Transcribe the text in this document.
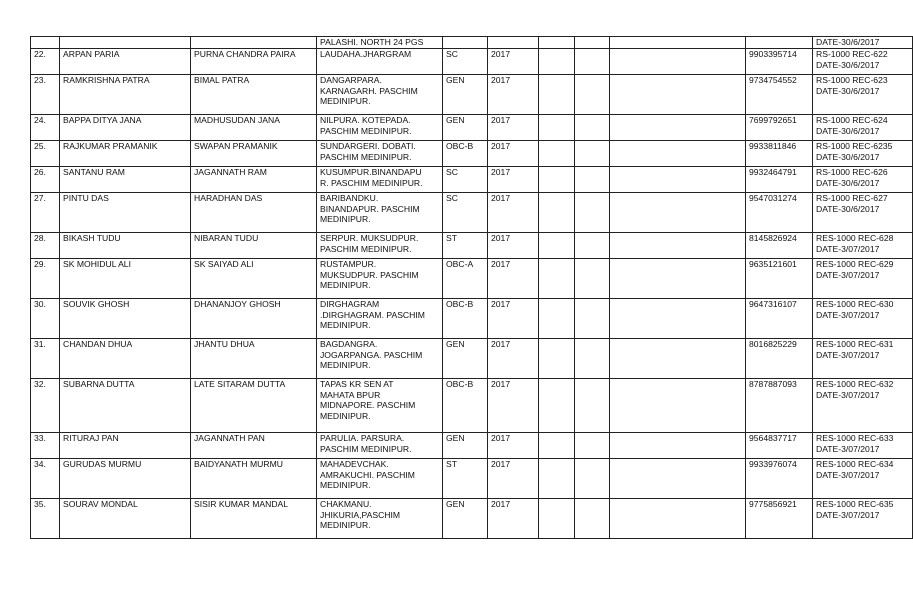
			PALASHI. NORTH 24 PGS							DATE-30/6/2017
22.	ARPAN PARIA	PURNA CHANDRA PAIRA	LAUDAHA.JHARGRAM	SC	2017				9903395714	RS-1000 REC-622
DATE-30/6/2017
23.	RAMKRISHNA PATRA	BIMAL PATRA	DANGARPARA.
KARNAGARH. PASCHIM
MEDINIPUR.	GEN	2017				9734754552	RS-1000 REC-623
DATE-30/6/2017
24.	BAPPA DITYA JANA	MADHUSUDAN JANA	NILPURA. KOTEPADA.
PASCHIM MEDINIPUR.	GEN	2017				7699792651	RS-1000 REC-624
DATE-30/6/2017
25.	RAJKUMAR PRAMANIK	SWAPAN PRAMANIK	SUNDARGERI. DOBATI.
PASCHIM MEDINIPUR.	OBC-B	2017				9933811846	RS-1000 REC-6235
DATE-30/6/2017
26.	SANTANU RAM	JAGANNATH RAM	KUSUMPUR.BINANDAPU
R. PASCHIM MEDINIPUR.	SC	2017				9932464791	RS-1000 REC-626
DATE-30/6/2017
27.	PINTU DAS	HARADHAN DAS	BARIBANDKU.
BINANDAPUR. PASCHIM
MEDINIPUR.	SC	2017				9547031274	RS-1000 REC-627
DATE-30/6/2017
28.	BIKASH TUDU	NIBARAN TUDU	SERPUR. MUKSUDPUR.
PASCHIM MEDINIPUR.	ST	2017				8145826924	RES-1000 REC-628
DATE-3/07/2017
29.	SK MOHIDUL ALI	SK SAIYAD ALI	RUSTAMPUR.
MUKSUDPUR. PASCHIM
MEDINIPUR.	OBC-A	2017				9635121601	RES-1000 REC-629
DATE-3/07/2017
30.	SOUVIK GHOSH	DHANANJOY GHOSH	DIRGHAGRAM
.DIRGHAGRAM. PASCHIM
MEDINIPUR.	OBC-B	2017				9647316107	RES-1000 REC-630
DATE-3/07/2017
31.	CHANDAN DHUA	JHANTU DHUA	BAGDANGRA.
JOGARPANGA. PASCHIM
MEDINIPUR.	GEN	2017				8016825229	RES-1000 REC-631
DATE-3/07/2017
32.	SUBARNA DUTTA	LATE SITARAM DUTTA	TAPAS KR SEN AT
MAHATA BPUR
MIDNAPORE. PASCHIM
MEDINIPUR.	OBC-B	2017				8787887093	RES-1000 REC-632
DATE-3/07/2017
33.	RITURAJ PAN	JAGANNATH PAN	PARULIA. PARSURA.
PASCHIM MEDINIPUR.	GEN	2017				9564837717	RES-1000 REC-633
DATE-3/07/2017
34.	GURUDAS MURMU	BAIDYANATH MURMU	MAHADEVCHAK.
AMRAKUCHI. PASCHIM
MEDINIPUR.	ST	2017				9933976074	RES-1000 REC-634
DATE-3/07/2017
35.	SOURAV MONDAL	SISIR KUMAR MANDAL	CHAKMANU.
JHIKURIA,PASCHIM
MEDINIPUR.	GEN	2017				9775856921	RES-1000 REC-635
DATE-3/07/2017
